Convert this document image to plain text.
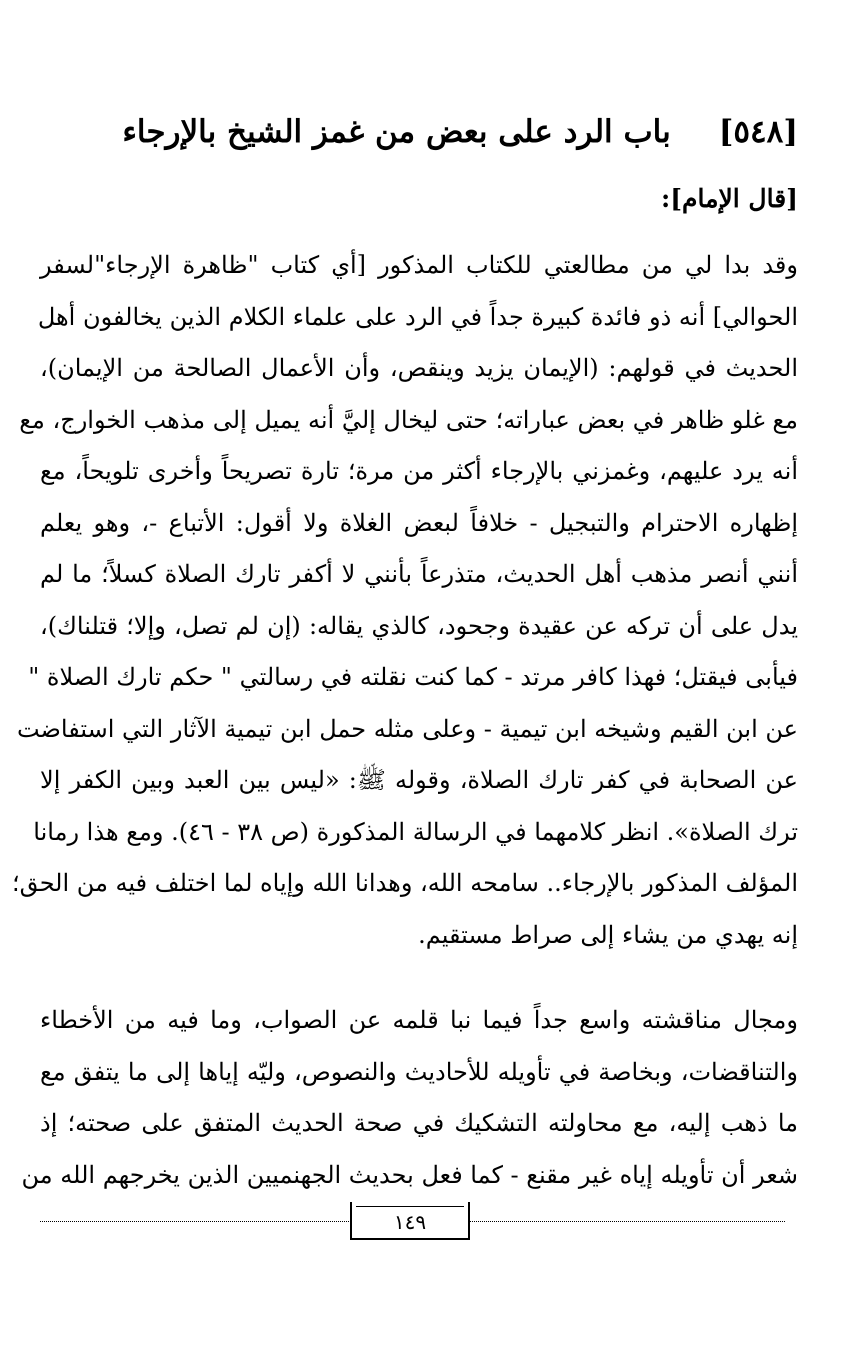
[٥٤٨]
باب الرد على بعض من غمز الشيخ بالإرجاء
[قال الإمام]:
وقد بدا لي من مطالعتي للكتاب المذكور [أي كتاب "ظاهرة الإرجاء"لسفر
الحوالي] أنه ذو فائدة كبيرة جداً في الرد على علماء الكلام الذين يخالفون أهل
الحديث في قولهم: (الإيمان يزيد وينقص، وأن الأعمال الصالحة من الإيمان)،
مع غلو ظاهر في بعض عباراته؛ حتى ليخال إليَّ أنه يميل إلى مذهب الخوارج، مع
أنه يرد عليهم، وغمزني بالإرجاء أكثر من مرة؛ تارة تصريحاً وأخرى تلويحاً، مع
إظهاره الاحترام والتبجيل - خلافاً لبعض الغلاة ولا أقول: الأتباع -، وهو يعلم
أنني أنصر مذهب أهل الحديث، متذرعاً بأنني لا أكفر تارك الصلاة كسلاً؛ ما لم
يدل على أن تركه عن عقيدة وجحود، كالذي يقاله: (إن لم تصل، وإلا؛ قتلناك)،
فيأبى فيقتل؛ فهذا كافر مرتد - كما كنت نقلته في رسالتي " حكم تارك الصلاة "
عن ابن القيم وشيخه ابن تيمية - وعلى مثله حمل ابن تيمية الآثار التي استفاضت
عن الصحابة في كفر تارك الصلاة، وقوله ﷺ: «ليس بين العبد وبين الكفر إلا
ترك الصلاة». انظر كلامهما في الرسالة المذكورة (ص ٣٨ - ٤٦). ومع هذا رمانا
المؤلف المذكور بالإرجاء.. سامحه الله، وهدانا الله وإياه لما اختلف فيه من الحق؛
إنه يهدي من يشاء إلى صراط مستقيم.
ومجال مناقشته واسع جداً فيما نبا قلمه عن الصواب، وما فيه من الأخطاء
والتناقضات، وبخاصة في تأويله للأحاديث والنصوص، وليّه إياها إلى ما يتفق مع
ما ذهب إليه، مع محاولته التشكيك في صحة الحديث المتفق على صحته؛ إذ
شعر أن تأويله إياه غير مقنع - كما فعل بحديث الجهنميين الذين يخرجهم الله من
١٤٩
